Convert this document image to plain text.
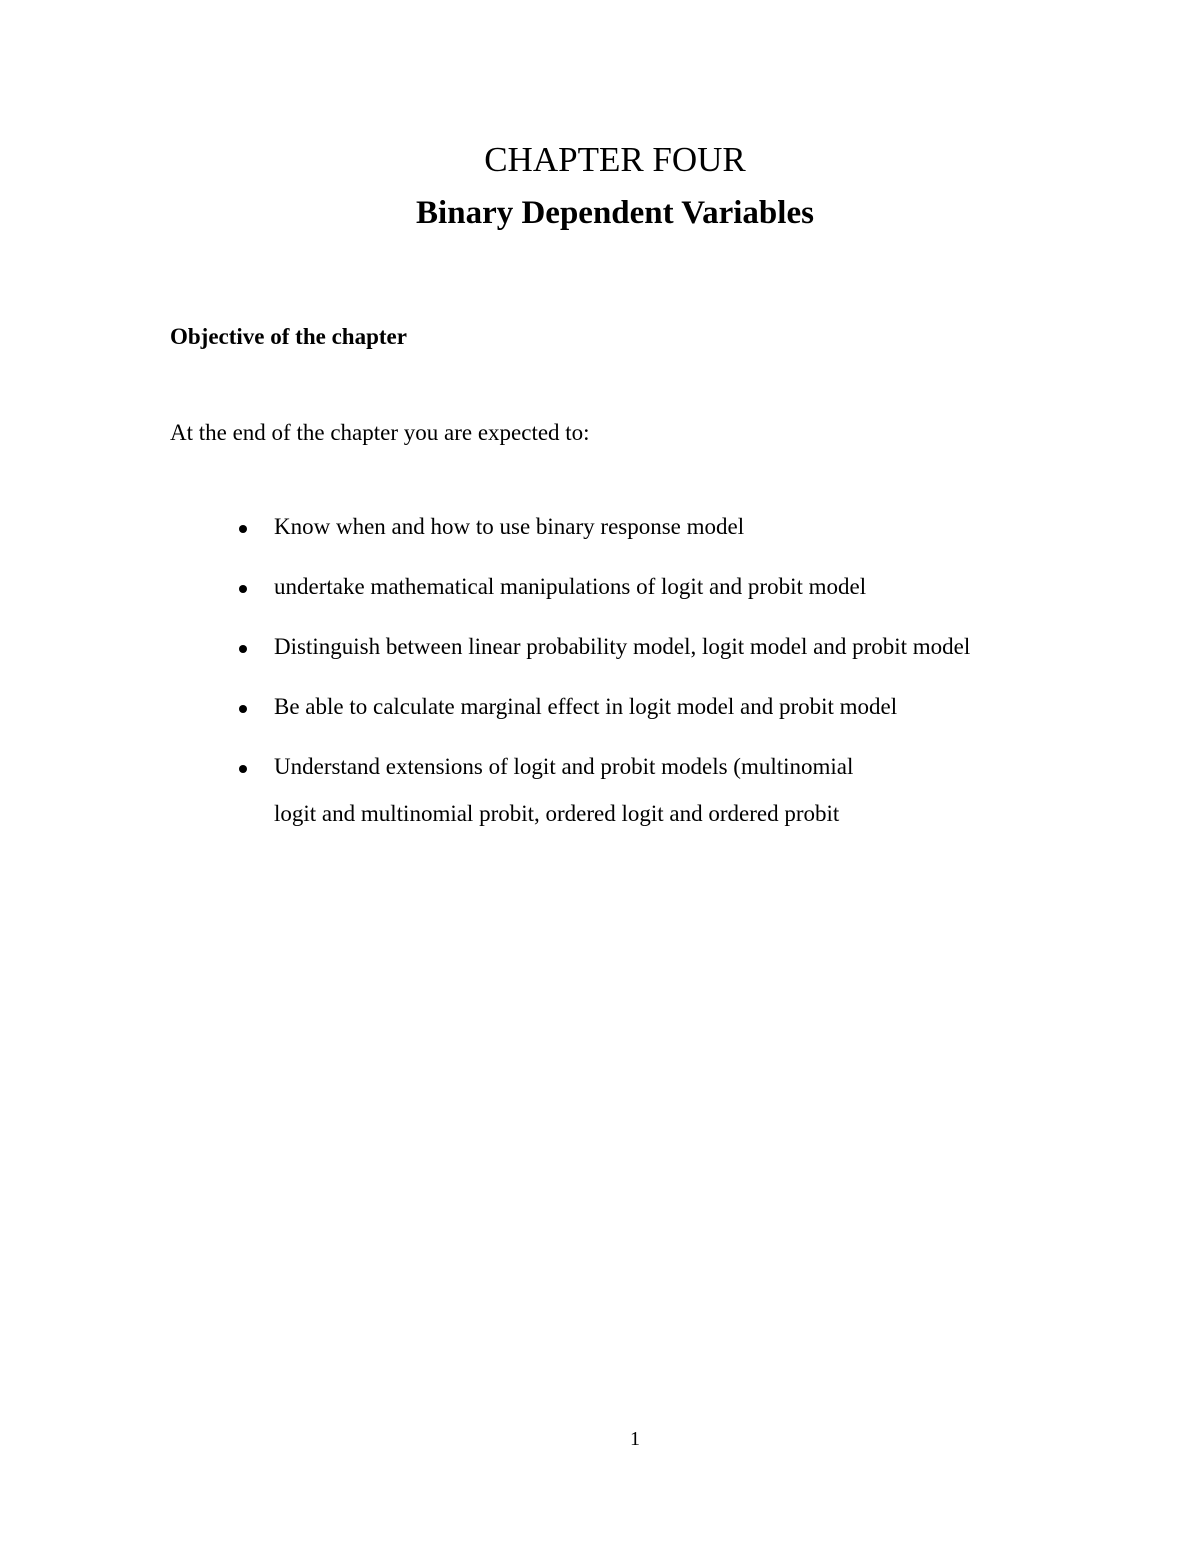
CHAPTER FOUR
Binary Dependent Variables

Objective of the chapter

At the end of the chapter you are expected to:

Know when and how to use binary response model
undertake mathematical manipulations of logit and probit model
Distinguish between linear probability model, logit model and probit model
Be able to calculate marginal effect in logit model and probit model
Understand extensions of logit and probit models (multinomial
logit and multinomial probit, ordered logit and ordered probit

1
